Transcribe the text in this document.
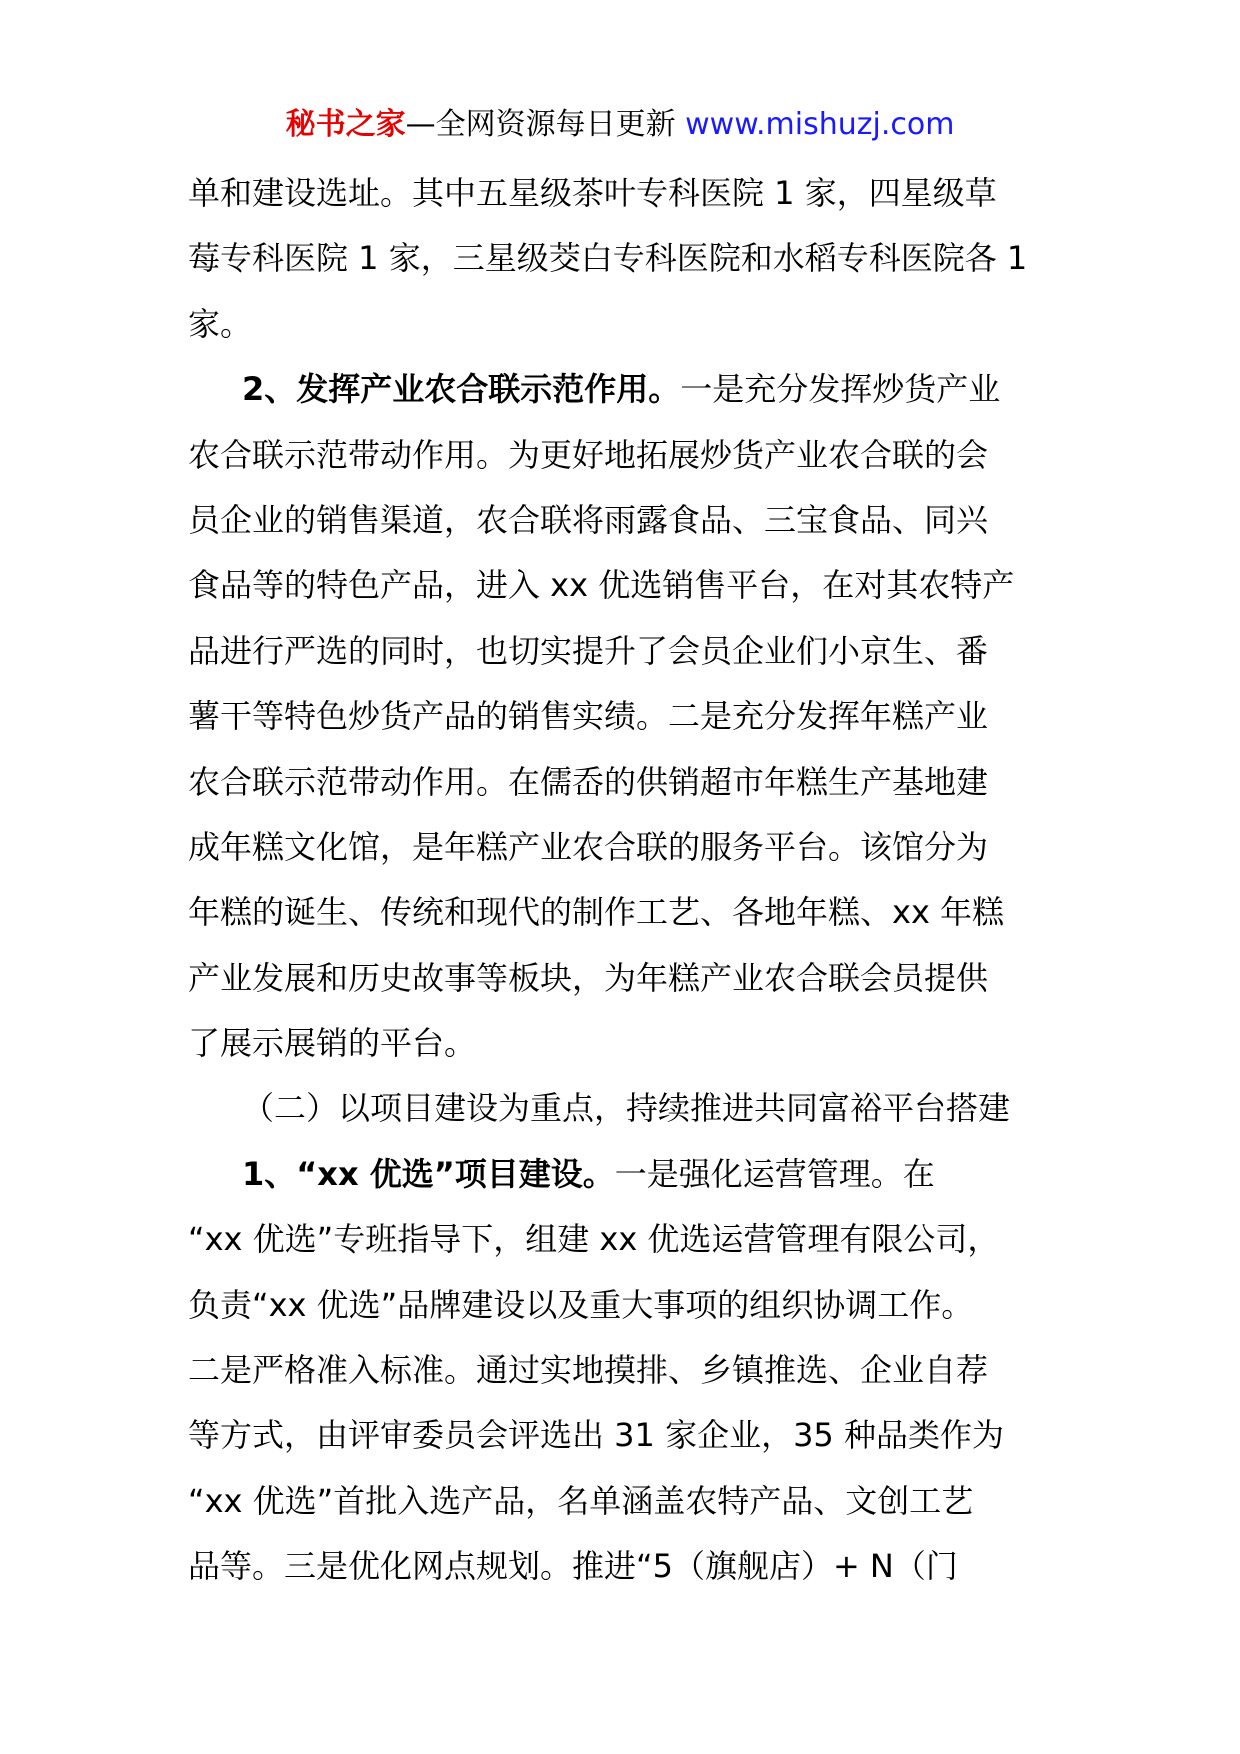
秘书之家—全网资源每日更新 www.mishuzj.com
单和建设选址。其中五星级茶叶专科医院 1 家，四星级草
莓专科医院 1 家，三星级茭白专科医院和水稻专科医院各 1
家。
2、发挥产业农合联示范作用。一是充分发挥炒货产业
农合联示范带动作用。为更好地拓展炒货产业农合联的会
员企业的销售渠道，农合联将雨露食品、三宝食品、同兴
食品等的特色产品，进入 xx 优选销售平台，在对其农特产
品进行严选的同时，也切实提升了会员企业们小京生、番
薯干等特色炒货产品的销售实绩。二是充分发挥年糕产业
农合联示范带动作用。在儒岙的供销超市年糕生产基地建
成年糕文化馆，是年糕产业农合联的服务平台。该馆分为
年糕的诞生、传统和现代的制作工艺、各地年糕、xx 年糕
产业发展和历史故事等板块，为年糕产业农合联会员提供
了展示展销的平台。
（二）以项目建设为重点，持续推进共同富裕平台搭建
1、“xx 优选”项目建设。一是强化运营管理。在
“xx 优选”专班指导下，组建 xx 优选运营管理有限公司，
负责“xx 优选”品牌建设以及重大事项的组织协调工作。
二是严格准入标准。通过实地摸排、乡镇推选、企业自荐
等方式，由评审委员会评选出 31 家企业，35 种品类作为
“xx 优选”首批入选产品，名单涵盖农特产品、文创工艺
品等。三是优化网点规划。推进“5（旗舰店）+ N（门
